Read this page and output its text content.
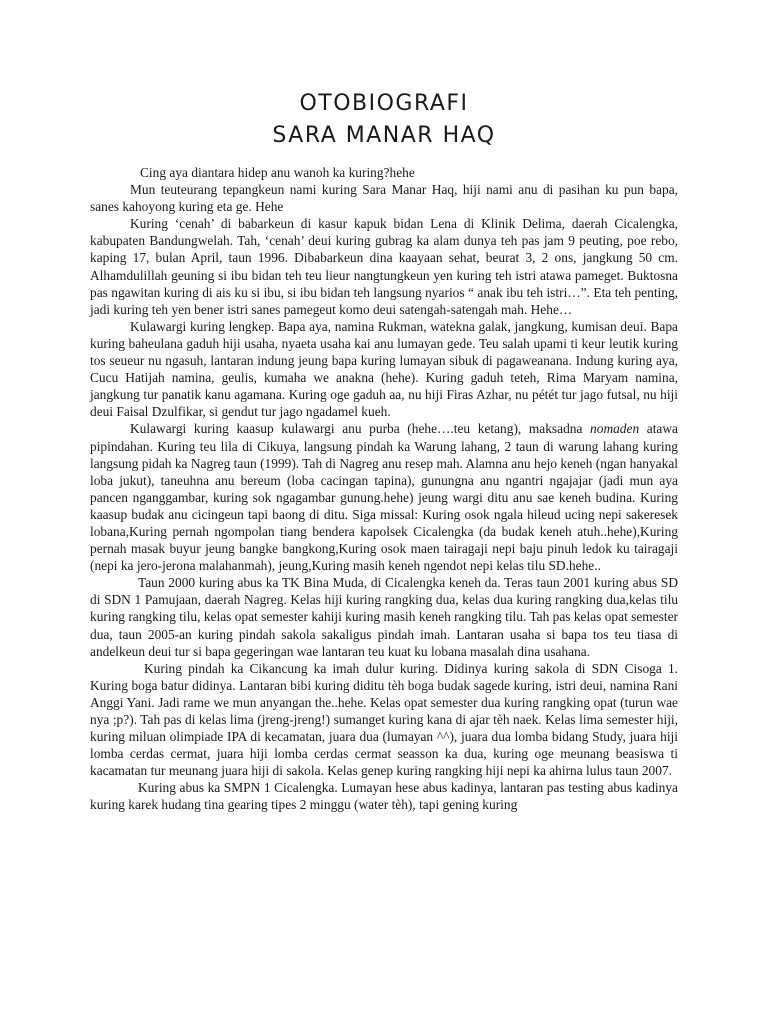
OTOBIOGRAFI
SARA MANAR HAQ

Cing aya diantara hidep anu wanoh ka kuring?hehe

Mun teuteurang tepangkeun nami kuring Sara Manar Haq, hiji nami anu di pasihan ku pun bapa, sanes kahoyong kuring eta ge. Hehe

Kuring ‘cenah’ di babarkeun di kasur kapuk bidan Lena di Klinik Delima, daerah Cicalengka, kabupaten Bandungwelah. Tah, ‘cenah’ deui kuring gubrag ka alam dunya teh pas jam 9 peuting, poe rebo, kaping 17, bulan April, taun 1996. Dibabarkeun dina kaayaan sehat, beurat 3, 2 ons, jangkung 50 cm. Alhamdulillah geuning si ibu bidan teh teu lieur nangtungkeun yen kuring teh istri atawa pameget. Buktosna pas ngawitan kuring di ais ku si ibu, si ibu bidan teh langsung nyarios “ anak ibu teh istri…”. Eta teh penting, jadi kuring teh yen bener istri sanes pamegeut komo deui satengah-satengah mah. Hehe…

Kulawargi kuring lengkep. Bapa aya, namina Rukman, watekna galak, jangkung, kumisan deui. Bapa kuring baheulana gaduh hiji usaha, nyaeta usaha kai anu lumayan gede. Teu salah upami ti keur leutik kuring tos seueur nu ngasuh, lantaran indung jeung bapa kuring lumayan sibuk di pagaweanana. Indung kuring aya, Cucu Hatijah namina, geulis, kumaha we anakna (hehe). Kuring gaduh teteh, Rima Maryam namina, jangkung tur panatik kanu agamana. Kuring oge gaduh aa, nu hiji Firas Azhar, nu pétét tur jago futsal, nu hiji deui Faisal Dzulfikar, si gendut tur jago ngadamel kueh.

Kulawargi kuring kaasup kulawargi anu purba (hehe….teu ketang), maksadna nomaden atawa pipindahan. Kuring teu lila di Cikuya, langsung pindah ka Warung lahang, 2 taun di warung lahang kuring langsung pidah ka Nagreg taun (1999). Tah di Nagreg anu resep mah. Alamna anu hejo keneh (ngan hanyakal loba jukut), taneuhna anu bereum (loba cacingan tapina), gunungna anu ngantri ngajajar (jadi mun aya pancen nganggambar, kuring sok ngagambar gunung.hehe) jeung wargi ditu anu sae keneh budina. Kuring kaasup budak anu cicingeun tapi baong di ditu. Siga missal: Kuring osok ngala hileud ucing nepi sakeresek lobana,Kuring pernah ngompolan tiang bendera kapolsek Cicalengka (da budak keneh atuh..hehe),Kuring pernah masak buyur jeung bangke bangkong,Kuring osok maen tairagaji nepi baju pinuh ledok ku tairagaji (nepi ka jero-jerona malahanmah), jeung,Kuring masih keneh ngendot nepi kelas tilu SD.hehe..

Taun 2000 kuring abus ka TK Bina Muda, di Cicalengka keneh da. Teras taun 2001 kuring abus SD di SDN 1 Pamujaan, daerah Nagreg. Kelas hiji kuring rangking dua, kelas dua kuring rangking dua,kelas tilu kuring rangking tilu, kelas opat semester kahiji kuring masih keneh rangking tilu. Tah pas kelas opat semester dua, taun 2005-an kuring pindah sakola sakaligus pindah imah. Lantaran usaha si bapa tos teu tiasa di andelkeun deui tur si bapa gegeringan wae lantaran teu kuat ku lobana masalah dina usahana.

Kuring pindah ka Cikancung ka imah dulur kuring. Didinya kuring sakola di SDN Cisoga 1. Kuring boga batur didinya. Lantaran bibi kuring diditu tèh boga budak sagede kuring, istri deui, namina Rani Anggi Yani. Jadi rame we mun anyangan the..hehe. Kelas opat semester dua kuring rangking opat (turun wae nya ;p?). Tah pas di kelas lima (jreng-jreng!) sumanget kuring kana di ajar tèh naek. Kelas lima semester hiji, kuring miluan olimpiade IPA di kecamatan, juara dua (lumayan ^^), juara dua lomba bidang Study, juara hiji lomba cerdas cermat, juara hiji lomba cerdas cermat seasson ka dua, kuring oge meunang beasiswa ti kacamatan tur meunang juara hiji di sakola. Kelas genep kuring rangking hiji nepi ka ahirna lulus taun 2007.

Kuring abus ka SMPN 1 Cicalengka. Lumayan hese abus kadinya, lantaran pas testing abus kadinya kuring karek hudang tina gearing tipes 2 minggu (water tèh), tapi gening kuring
